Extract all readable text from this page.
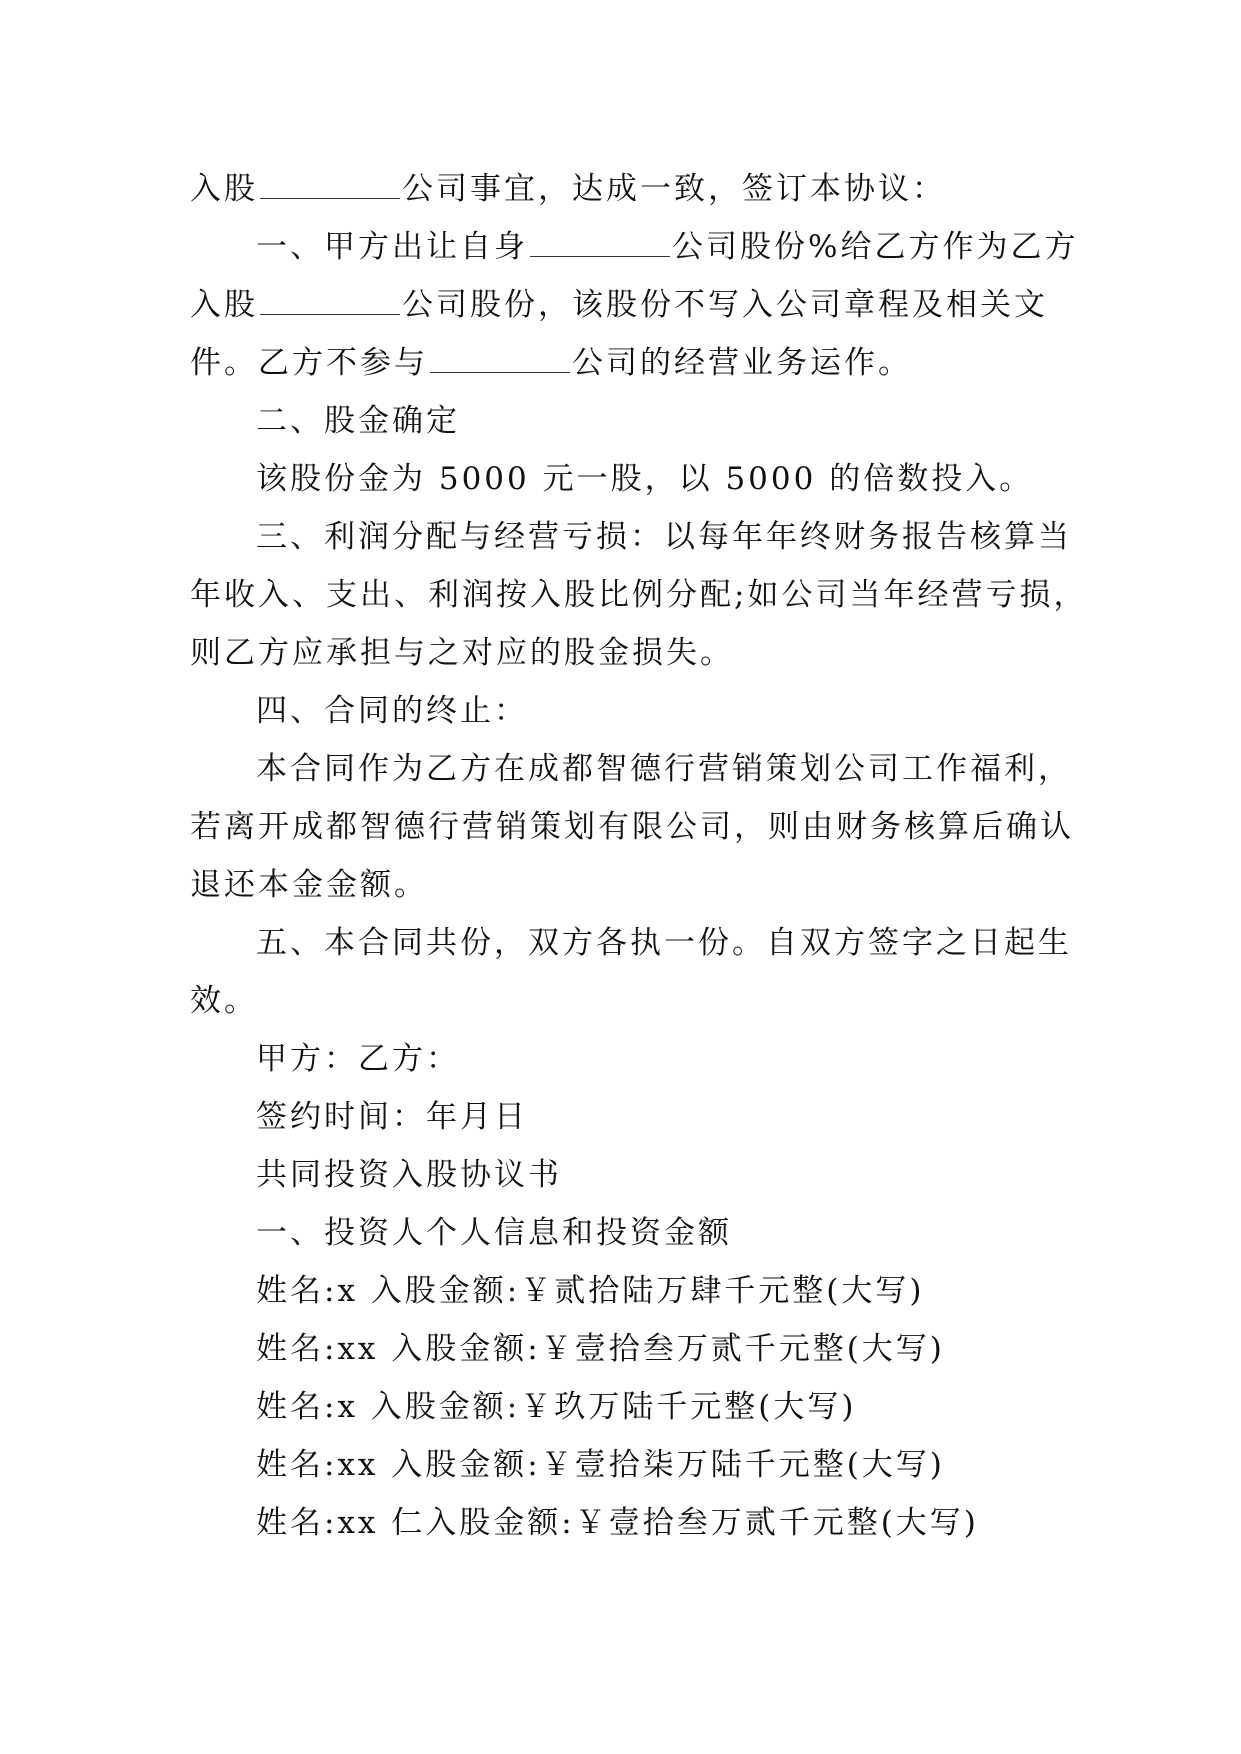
入股	公司事宜，达成一致，签订本协议：
一、甲方出让自身	公司股份%给乙方作为乙方
入股	公司股份，该股份不写入公司章程及相关文
件。乙方不参与	公司的经营业务运作。
二、股金确定
该股份金为 5000 元一股，以 5000 的倍数投入。
三、利润分配与经营亏损：以每年年终财务报告核算当
年收入、支出、利润按入股比例分配;如公司当年经营亏损，
则乙方应承担与之对应的股金损失。
四、合同的终止：
本合同作为乙方在成都智德行营销策划公司工作福利，
若离开成都智德行营销策划有限公司，则由财务核算后确认
退还本金金额。
五、本合同共份，双方各执一份。自双方签字之日起生
效。
甲方：乙方：
签约时间：年月日
共同投资入股协议书
一、投资人个人信息和投资金额
姓名:x 入股金额:￥贰拾陆万肆千元整(大写)
姓名:xx 入股金额:￥壹拾叁万贰千元整(大写)
姓名:x 入股金额:￥玖万陆千元整(大写)
姓名:xx 入股金额:￥壹拾柒万陆千元整(大写)
姓名:xx 仁入股金额:￥壹拾叁万贰千元整(大写)
